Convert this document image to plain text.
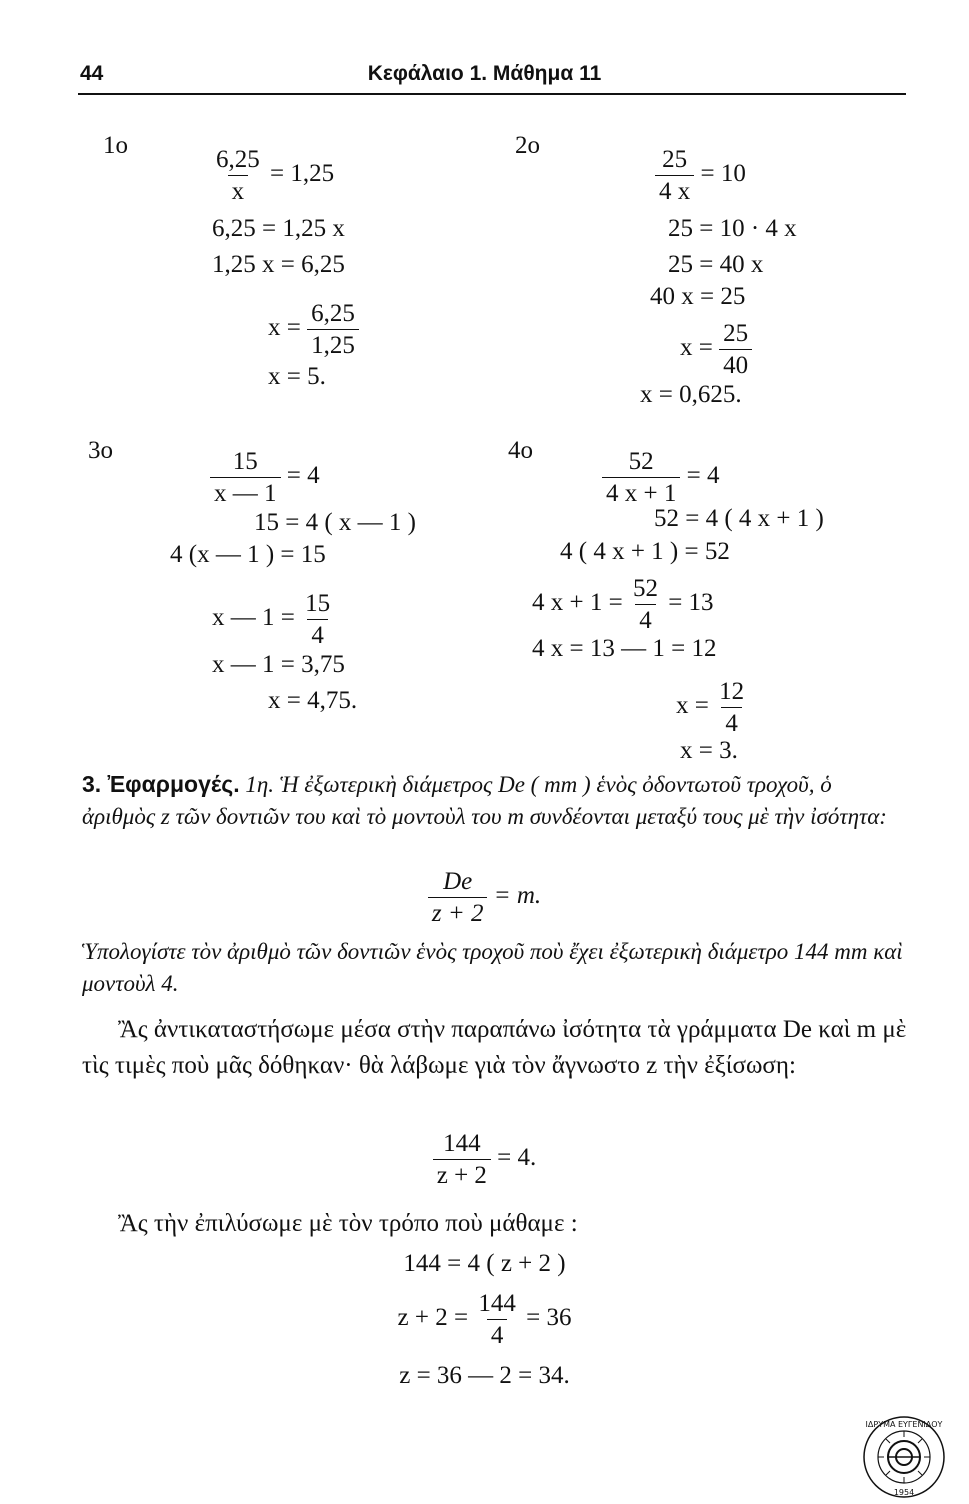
44	Κεφάλαιο 1. Μάθημα 11
1ο
$\frac{6,25}{x} = 1,25$
6,25 = 1,25 x
1,25 x = 6,25
$x = \frac{6,25}{1,25}$
x = 5.
2ο
$\frac{25}{4 x} = 10$
25 = 10 · 4 x
25 = 40 x
40 x = 25
$x = \frac{25}{40}$
x = 0,625.
3ο	$\frac{15}{x — 1} = 4$
15 = 4 ( x — 1 )
4 (x — 1 ) = 15
x — $1 = \frac{15}{4}$
x — 1 = 3,75
x = 4,75.
4ο	$\frac{52}{4 x + 1} = 4$
52 = 4 ( 4 x + 1 )
4 ( 4 x + 1 ) = 52
4 $x + 1 = \frac{52}{4} = 13$
4 x = 13 — 1 = 12
$x = \frac{12}{4}$
x = 3.
3. Ἐφαρμογές. 1η. Ἡ ἐξωτερικὴ διάμετρος De ( mm ) ἑνὸς ὀδοντωτοῦ τροχοῦ, ὁ ἀριθμὸς z τῶν δοντιῶν του καὶ τὸ μοντοὺλ του m συνδέονται μεταξύ τους μὲ τὴν ἰσότητα:
$\frac{De}{z + 2} = m$.
Ὑπολογίστε τὸν ἀριθμὸ τῶν δοντιῶν ἑνὸς τροχοῦ ποὺ ἔχει ἐξωτερικὴ διάμετρο 144 mm καὶ μοντοὺλ 4.
Ἂς ἀντικαταστήσωμε μέσα στὴν παραπάνω ἰσότητα τὰ γράμματα De καὶ m μὲ τὶς τιμὲς ποὺ μᾶς δόθηκαν· θὰ λάβωμε γιὰ τὸν ἄγνωστο z τὴν ἐξίσωση:
$\frac{144}{z + 2} = 4$.
Ἂς τὴν ἐπιλύσωμε μὲ τὸν τρόπο ποὺ μάθαμε :
144 = 4 ( z + 2 )
$z + 2 = \frac{144}{4} = 36$
z = 36 — 2 = 34.
ΙΔΡΥΜΑ ΕΥΓΕΝΙΔΟΥ
1954
